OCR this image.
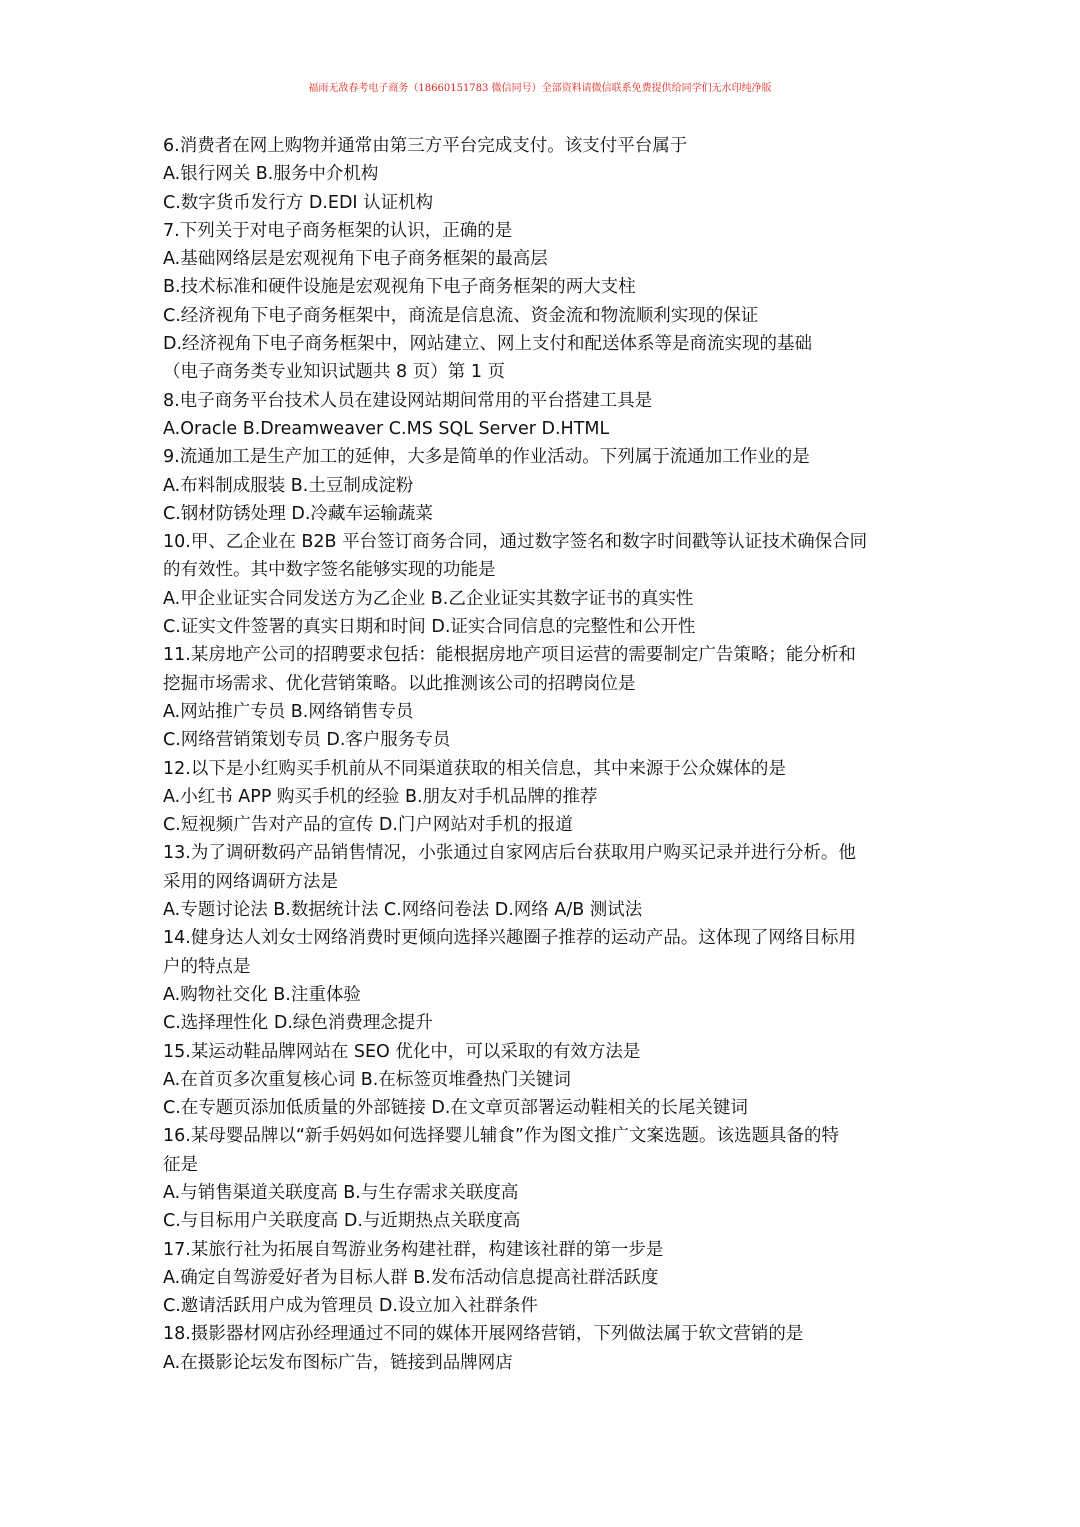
福雨无敌春考电子商务（18660151783 微信同号）全部资料请微信联系免费提供给同学们无水印纯净版
6.消费者在网上购物并通常由第三方平台完成支付。该支付平台属于
A.银行网关 B.服务中介机构
C.数字货币发行方 D.EDI 认证机构
7.下列关于对电子商务框架的认识，正确的是
A.基础网络层是宏观视角下电子商务框架的最高层
B.技术标准和硬件设施是宏观视角下电子商务框架的两大支柱
C.经济视角下电子商务框架中，商流是信息流、资金流和物流顺利实现的保证
D.经济视角下电子商务框架中，网站建立、网上支付和配送体系等是商流实现的基础
（电子商务类专业知识试题共 8 页）第 1 页
8.电子商务平台技术人员在建设网站期间常用的平台搭建工具是
A.Oracle B.Dreamweaver C.MS SQL Server D.HTML
9.流通加工是生产加工的延伸，大多是简单的作业活动。下列属于流通加工作业的是
A.布料制成服装 B.土豆制成淀粉
C.钢材防锈处理 D.冷藏车运输蔬菜
10.甲、乙企业在 B2B 平台签订商务合同，通过数字签名和数字时间戳等认证技术确保合同
的有效性。其中数字签名能够实现的功能是
A.甲企业证实合同发送方为乙企业 B.乙企业证实其数字证书的真实性
C.证实文件签署的真实日期和时间 D.证实合同信息的完整性和公开性
11.某房地产公司的招聘要求包括：能根据房地产项目运营的需要制定广告策略；能分析和
挖掘市场需求、优化营销策略。以此推测该公司的招聘岗位是
A.网站推广专员 B.网络销售专员
C.网络营销策划专员 D.客户服务专员
12.以下是小红购买手机前从不同渠道获取的相关信息，其中来源于公众媒体的是
A.小红书 APP 购买手机的经验 B.朋友对手机品牌的推荐
C.短视频广告对产品的宣传 D.门户网站对手机的报道
13.为了调研数码产品销售情况，小张通过自家网店后台获取用户购买记录并进行分析。他
采用的网络调研方法是
A.专题讨论法 B.数据统计法 C.网络问卷法 D.网络 A/B 测试法
14.健身达人刘女士网络消费时更倾向选择兴趣圈子推荐的运动产品。这体现了网络目标用
户的特点是
A.购物社交化 B.注重体验
C.选择理性化 D.绿色消费理念提升
15.某运动鞋品牌网站在 SEO 优化中，可以采取的有效方法是
A.在首页多次重复核心词 B.在标签页堆叠热门关键词
C.在专题页添加低质量的外部链接 D.在文章页部署运动鞋相关的长尾关键词
16.某母婴品牌以“新手妈妈如何选择婴儿辅食”作为图文推广文案选题。该选题具备的特
征是
A.与销售渠道关联度高 B.与生存需求关联度高
C.与目标用户关联度高 D.与近期热点关联度高
17.某旅行社为拓展自驾游业务构建社群，构建该社群的第一步是
A.确定自驾游爱好者为目标人群 B.发布活动信息提高社群活跃度
C.邀请活跃用户成为管理员 D.设立加入社群条件
18.摄影器材网店孙经理通过不同的媒体开展网络营销，下列做法属于软文营销的是
A.在摄影论坛发布图标广告，链接到品牌网店
